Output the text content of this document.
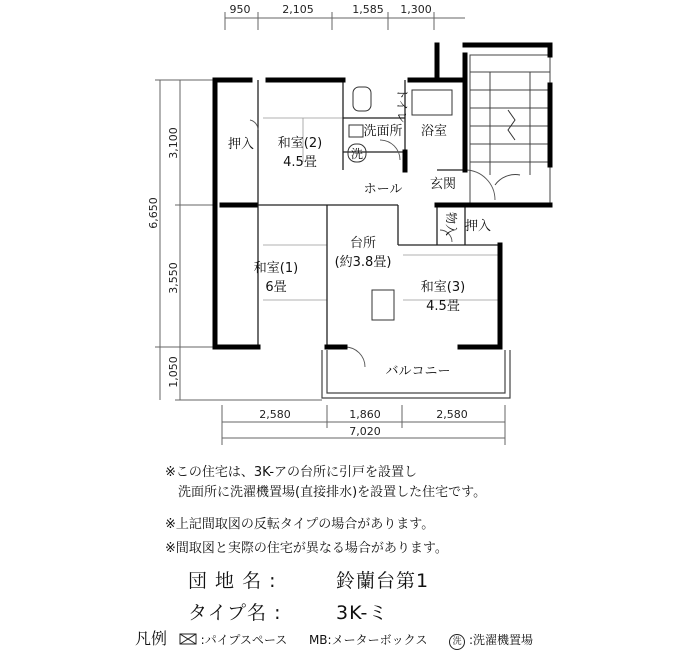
950	2,105	1,585 1,300
6,650
3,100
3,550
1,050
2,580	1,860	2,580
7,020
押入 和室(2)
4.5畳
トイレ
洗面所 浴室
洗
ホール 玄関
物入 押入
台所
(約3.8畳)
和室(1)
6畳	和室(3)
4.5畳
バルコニー
※この住宅は、3K-アの台所に引戸を設置し
洗面所に洗濯機置場(直接排水)を設置した住宅です。
※上記間取図の反転タイプの場合があります。
※間取図と実際の住宅が異なる場合があります。
団 地 名 :	鈴蘭台第1
タイプ名 :	3K-ミ
凡例	:パイプスペース MB:メーターボックス	洗 :洗濯機置場
